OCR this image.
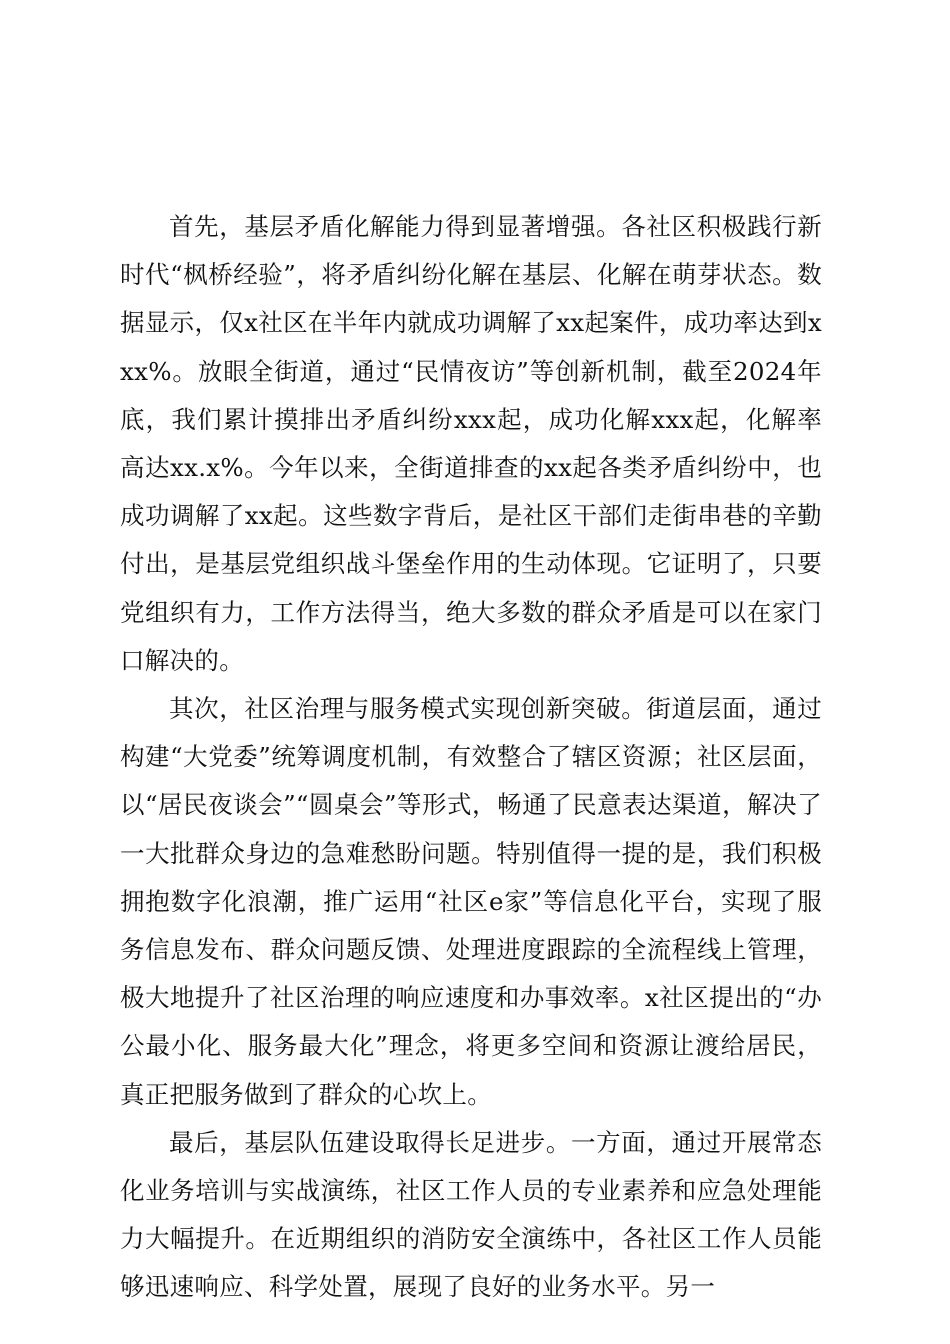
首先，基层矛盾化解能力得到显著增强。各社区积极践行新时代“枫桥经验”，将矛盾纠纷化解在基层、化解在萌芽状态。数据显示，仅x社区在半年内就成功调解了xx起案件，成功率达到xxx%。放眼全街道，通过“民情夜访”等创新机制，截至2024年底，我们累计摸排出矛盾纠纷xxx起，成功化解xxx起，化解率高达xx.x%。今年以来，全街道排查的xx起各类矛盾纠纷中，也成功调解了xx起。这些数字背后，是社区干部们走街串巷的辛勤付出，是基层党组织战斗堡垒作用的生动体现。它证明了，只要党组织有力，工作方法得当，绝大多数的群众矛盾是可以在家门口解决的。

其次，社区治理与服务模式实现创新突破。街道层面，通过构建“大党委”统筹调度机制，有效整合了辖区资源；社区层面，以“居民夜谈会”“圆桌会”等形式，畅通了民意表达渠道，解决了一大批群众身边的急难愁盼问题。特别值得一提的是，我们积极拥抱数字化浪潮，推广运用“社区e家”等信息化平台，实现了服务信息发布、群众问题反馈、处理进度跟踪的全流程线上管理，极大地提升了社区治理的响应速度和办事效率。x社区提出的“办公最小化、服务最大化”理念，将更多空间和资源让渡给居民，真正把服务做到了群众的心坎上。

最后，基层队伍建设取得长足进步。一方面，通过开展常态化业务培训与实战演练，社区工作人员的专业素养和应急处理能力大幅提升。在近期组织的消防安全演练中，各社区工作人员能够迅速响应、科学处置，展现了良好的业务水平。另一
